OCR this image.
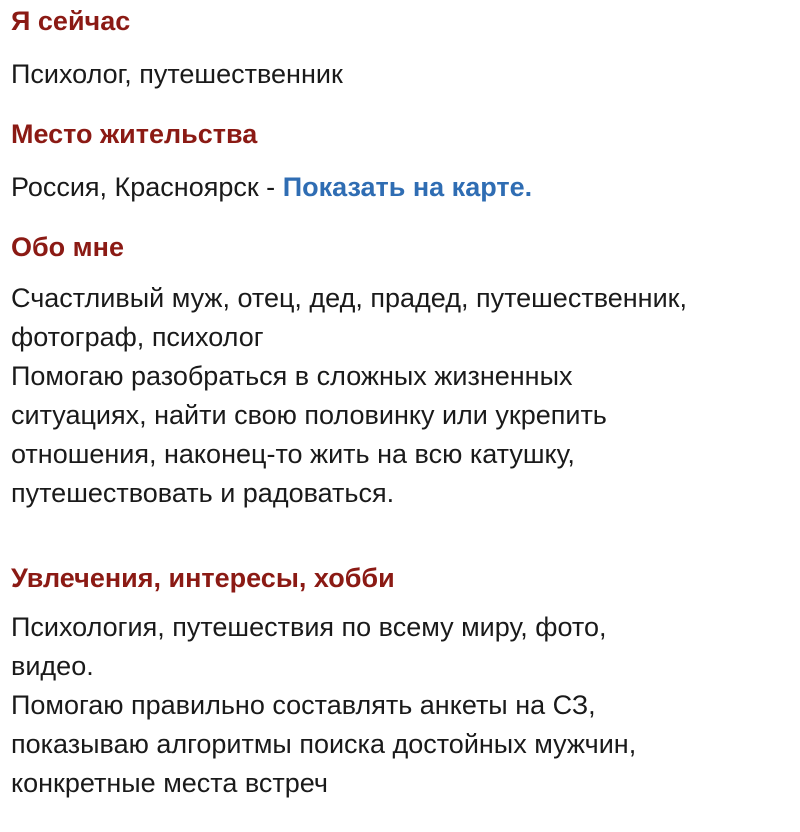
Я сейчас

Психолог, путешественник

Место жительства

Россия, Красноярск - Показать на карте.

Обо мне

Счастливый муж, отец, дед, прадед, путешественник,
фотограф, психолог
Помогаю разобраться в сложных жизненных
ситуациях, найти свою половинку или укрепить
отношения, наконец-то жить на всю катушку,
путешествовать и радоваться.

Увлечения, интересы, хобби

Психология, путешествия по всему миру, фото,
видео.
Помогаю правильно составлять анкеты на СЗ,
показываю алгоритмы поиска достойных мужчин,
конкретные места встреч
